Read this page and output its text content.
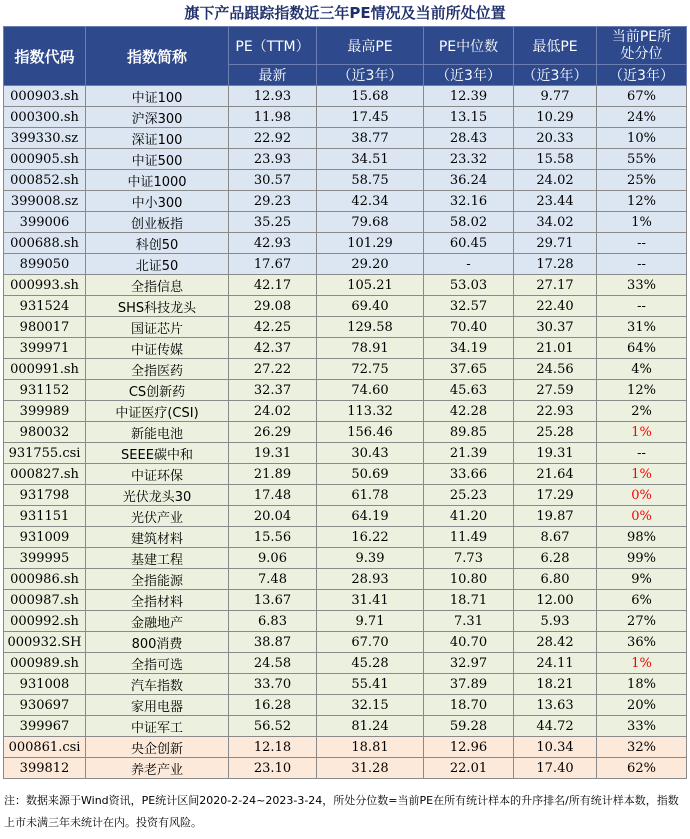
旗下产品跟踪指数近三年PE情况及当前所处位置
指数代码	指数简称	PE（TTM）	最高PE	PE中位数	最低PE	当前PE所
处分位
		最新	（近3年）	（近3年）	（近3年）	（近3年）
000903.sh	中证100	12.93	15.68	12.39	9.77	67%
000300.sh	沪深300	11.98	17.45	13.15	10.29	24%
399330.sz	深证100	22.92	38.77	28.43	20.33	10%
000905.sh	中证500	23.93	34.51	23.32	15.58	55%
000852.sh	中证1000	30.57	58.75	36.24	24.02	25%
399008.sz	中小300	29.23	42.34	32.16	23.44	12%
399006	创业板指	35.25	79.68	58.02	34.02	1%
000688.sh	科创50	42.93	101.29	60.45	29.71	--
899050	北证50	17.67	29.20	-	17.28	--
000993.sh	全指信息	42.17	105.21	53.03	27.17	33%
931524	SHS科技龙头	29.08	69.40	32.57	22.40	--
980017	国证芯片	42.25	129.58	70.40	30.37	31%
399971	中证传媒	42.37	78.91	34.19	21.01	64%
000991.sh	全指医药	27.22	72.75	37.65	24.56	4%
931152	CS创新药	32.37	74.60	45.63	27.59	12%
399989	中证医疗(CSI)	24.02	113.32	42.28	22.93	2%
980032	新能电池	26.29	156.46	89.85	25.28	1%
931755.csi	SEEE碳中和	19.31	30.43	21.39	19.31	--
000827.sh	中证环保	21.89	50.69	33.66	21.64	1%
931798	光伏龙头30	17.48	61.78	25.23	17.29	0%
931151	光伏产业	20.04	64.19	41.20	19.87	0%
931009	建筑材料	15.56	16.22	11.49	8.67	98%
399995	基建工程	9.06	9.39	7.73	6.28	99%
000986.sh	全指能源	7.48	28.93	10.80	6.80	9%
000987.sh	全指材料	13.67	31.41	18.71	12.00	6%
000992.sh	金融地产	6.83	9.71	7.31	5.93	27%
000932.SH	800消费	38.87	67.70	40.70	28.42	36%
000989.sh	全指可选	24.58	45.28	32.97	24.11	1%
931008	汽车指数	33.70	55.41	37.89	18.21	18%
930697	家用电器	16.28	32.15	18.70	13.63	20%
399967	中证军工	56.52	81.24	59.28	44.72	33%
000861.csi	央企创新	12.18	18.81	12.96	10.34	32%
399812	养老产业	23.10	31.28	22.01	17.40	62%
注：数据来源于Wind资讯，PE统计区间2020-2-24~2023-3-24，所处分位数=当前PE在所有统计样本的升序排名/所有统计样本数，指数上市未满三年未统计在内。投资有风险。
